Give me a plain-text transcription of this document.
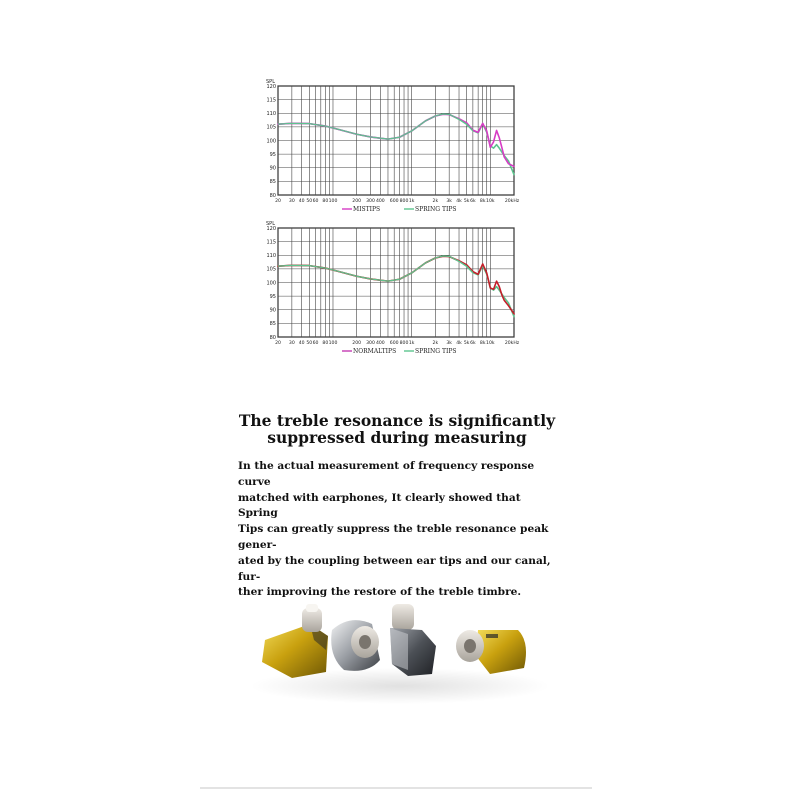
80
85
90
95
100
105
110
115
120
SPL
20 30 40 50 60 80 100	200 300 400 600 800 1k	2k 3k 4k 5k 6k 8k 10k 20kHz
MISTIPS	SPRING TIPS
80
85
90
95
100
105
110
115
120
SPL
20 30 40 50 60 80 100	200 300 400 600 800 1k	2k 3k 4k 5k 6k 8k 10k 20kHz
NORMALTIPS	SPRING TIPS
The treble resonance is significantly
suppressed during measuring

In the actual measurement of frequency response curve
matched with earphones, It clearly showed that Spring
Tips can greatly suppress the treble resonance peak gener-
ated by the coupling between ear tips and our canal, fur-
ther improving the restore of the treble timbre.
